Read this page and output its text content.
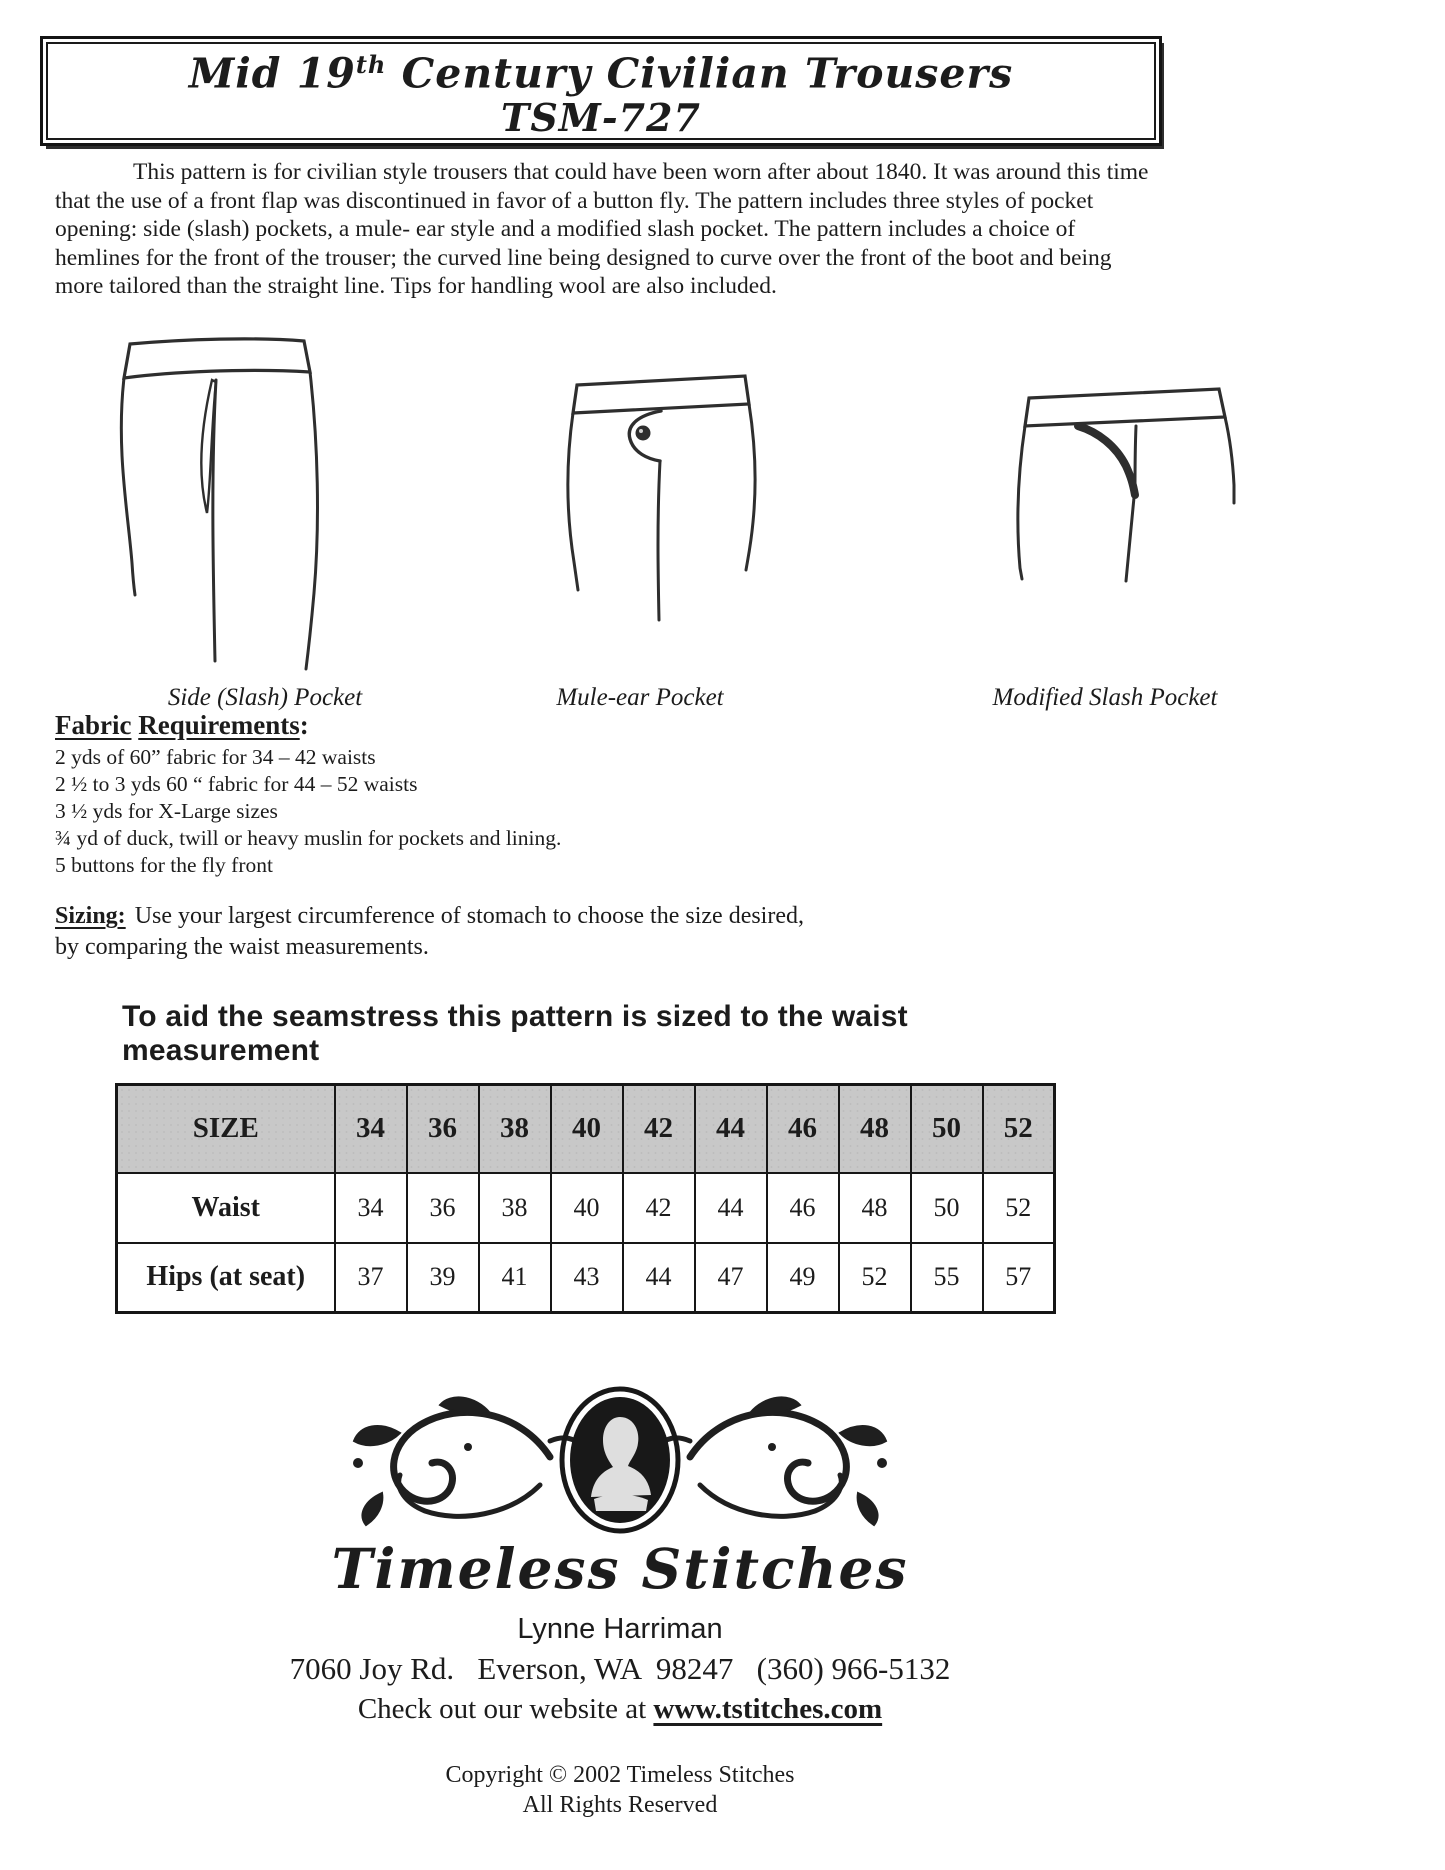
Mid 19th Century Civilian Trousers
TSM-727

This pattern is for civilian style trousers that could have been worn after about 1840. It was around this time that the use of a front flap was discontinued in favor of a button fly. The pattern includes three styles of pocket opening: side (slash) pockets, a mule- ear style and a modified slash pocket. The pattern includes a choice of hemlines for the front of the trouser; the curved line being designed to curve over the front of the boot and being more tailored than the straight line. Tips for handling wool are also included.

Side (Slash) Pocket	Mule-ear Pocket	Modified Slash Pocket
Fabric Requirements:
2 yds of 60” fabric for 34 – 42 waists
2 ½ to 3 yds 60 “ fabric for 44 – 52 waists
3 ½ yds for X-Large sizes
¾ yd of duck, twill or heavy muslin for pockets and lining.
5 buttons for the fly front

Sizing: Use your largest circumference of stomach to choose the size desired,
by comparing the waist measurements.

To aid the seamstress this pattern is sized to the waist measurement
SIZE	34	36	38	40	42	44	46	48	50	52
Waist	34	36	38	40	42	44	46	48	50	52
Hips (at seat)	37	39	41	43	44	47	49	52	55	57
Timeless Stitches
Lynne Harriman
7060 Joy Rd.   Everson, WA  98247   (360) 966-5132
Check out our website at www.tstitches.com
Copyright © 2002 Timeless Stitches
All Rights Reserved
